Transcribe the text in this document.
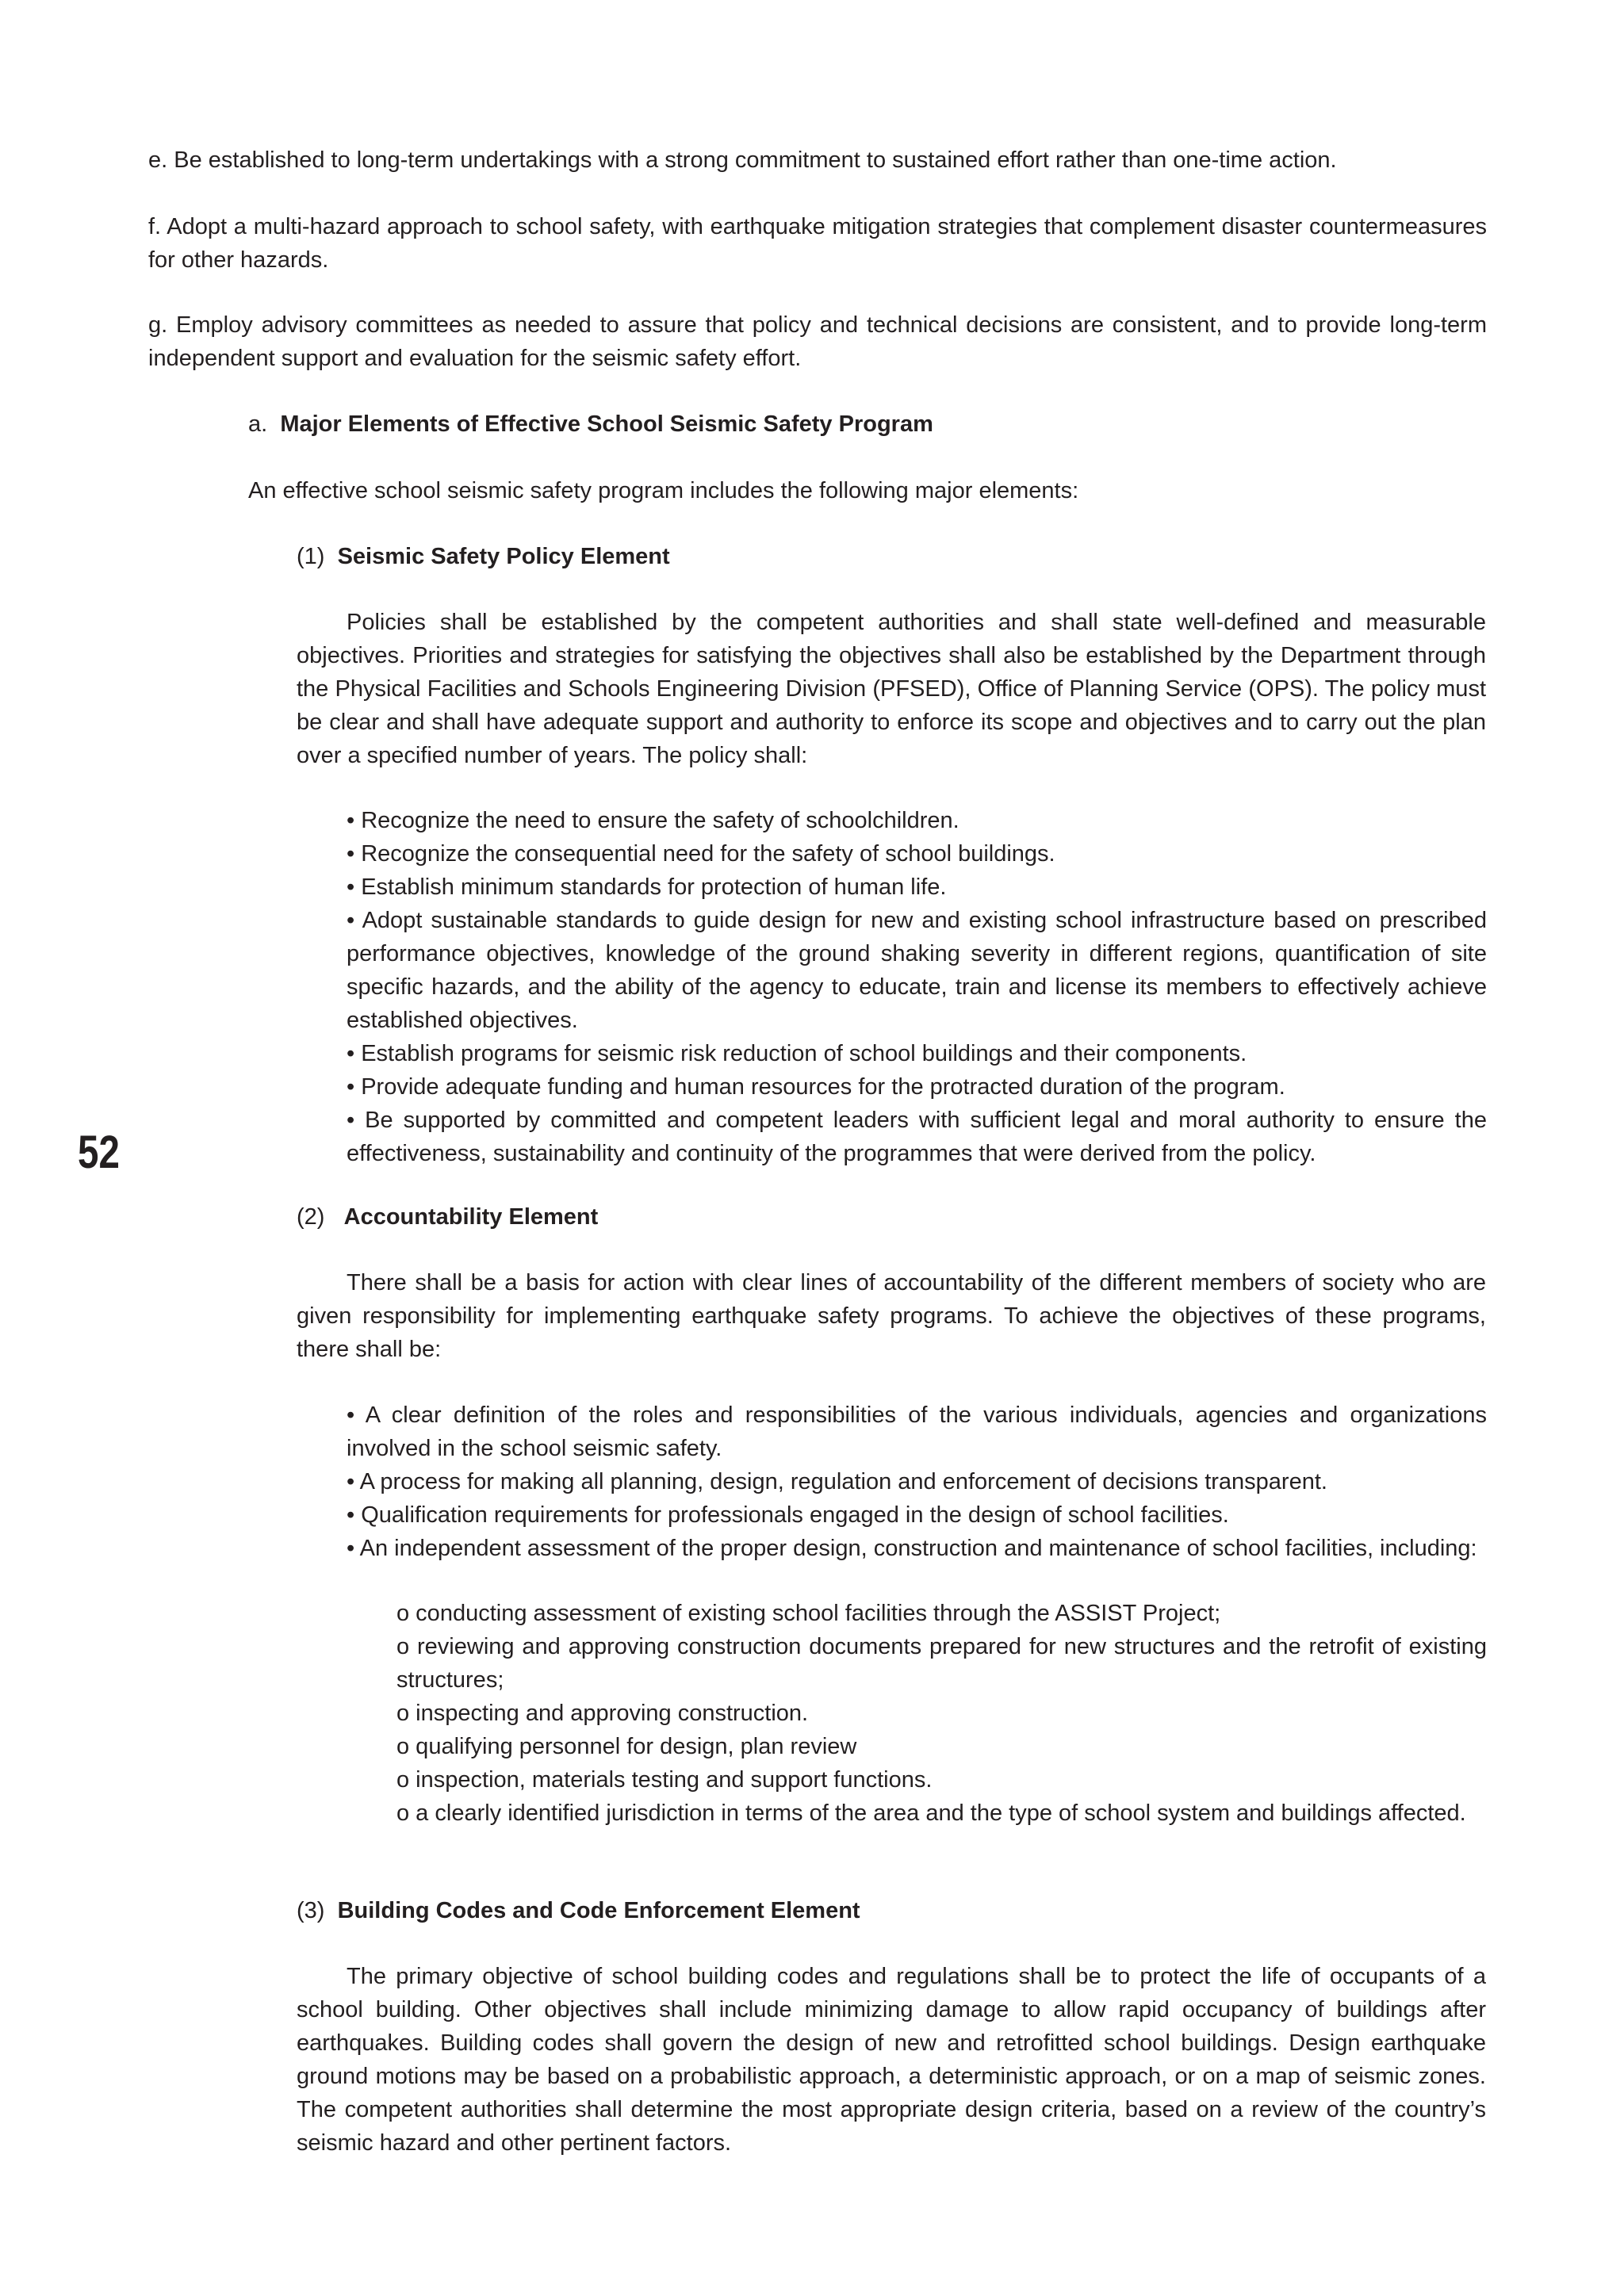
e. Be established to long-term undertakings with a strong commitment to sustained effort rather than one-time action.

f. Adopt a multi-hazard approach to school safety, with earthquake mitigation strategies that complement disaster countermeasures for other hazards.

g. Employ advisory committees as needed to assure that policy and technical decisions are consistent, and to provide long-term independent support and evaluation for the seismic safety effort.

a. Major Elements of Effective School Seismic Safety Program

An effective school seismic safety program includes the following major elements:

(1) Seismic Safety Policy Element

Policies shall be established by the competent authorities and shall state well-defined and measurable objectives. Priorities and strategies for satisfying the objectives shall also be established by the Department through the Physical Facilities and Schools Engineering Division (PFSED), Office of Planning Service (OPS). The policy must be clear and shall have adequate support and authority to enforce its scope and objectives and to carry out the plan over a specified number of years. The policy shall:

• Recognize the need to ensure the safety of schoolchildren.

• Recognize the consequential need for the safety of school buildings.

• Establish minimum standards for protection of human life.

• Adopt sustainable standards to guide design for new and existing school infrastructure based on prescribed performance objectives, knowledge of the ground shaking severity in different regions, quantification of site specific hazards, and the ability of the agency to educate, train and license its members to effectively achieve established objectives.

• Establish programs for seismic risk reduction of school buildings and their components.

• Provide adequate funding and human resources for the protracted duration of the program.

• Be supported by committed and competent leaders with sufficient legal and moral authority to ensure the effectiveness, sustainability and continuity of the programmes that were derived from the policy.

52

(2) Accountability Element

There shall be a basis for action with clear lines of accountability of the different members of society who are given responsibility for implementing earthquake safety programs. To achieve the objectives of these programs, there shall be:

• A clear definition of the roles and responsibilities of the various individuals, agencies and organizations involved in the school seismic safety.

• A process for making all planning, design, regulation and enforcement of decisions transparent.

• Qualification requirements for professionals engaged in the design of school facilities.

• An independent assessment of the proper design, construction and maintenance of school facilities, including:

o conducting assessment of existing school facilities through the ASSIST Project;

o reviewing and approving construction documents prepared for new structures and the retrofit of existing structures;

o inspecting and approving construction.

o qualifying personnel for design, plan review

o inspection, materials testing and support functions.

o a clearly identified jurisdiction in terms of the area and the type of school system and buildings affected.

(3) Building Codes and Code Enforcement Element

The primary objective of school building codes and regulations shall be to protect the life of occupants of a school building. Other objectives shall include minimizing damage to allow rapid occupancy of buildings after earthquakes. Building codes shall govern the design of new and retrofitted school buildings. Design earthquake ground motions may be based on a probabilistic approach, a deterministic approach, or on a map of seismic zones. The competent authorities shall determine the most appropriate design criteria, based on a review of the country’s seismic hazard and other pertinent factors.
